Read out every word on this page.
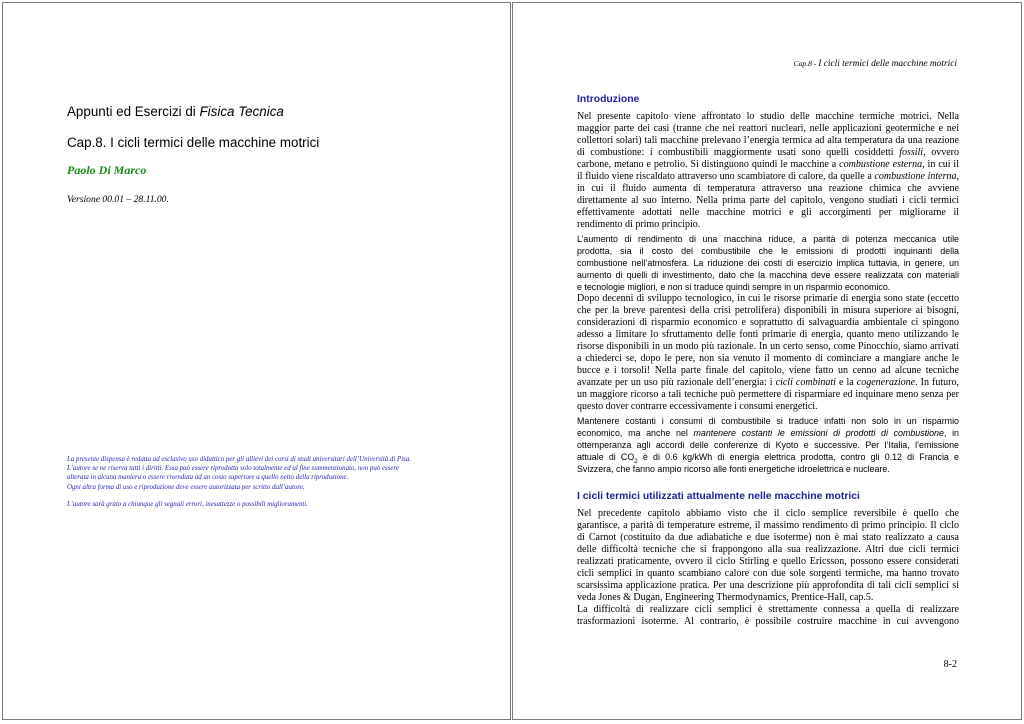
Appunti ed Esercizi di Fisica Tecnica
Cap.8. I cicli termici delle macchine motrici
Paolo Di Marco
Versione 00.01 – 28.11.00.
La presente dispensa è redatta ad esclusivo uso didattico per gli allievi dei corsi di studi universitari dell’Università di Pisa.
L’autore se ne riserva tutti i diritti. Essa può essere riprodotta solo totalmente ed al fine summenzionato, non può essere
alterata in alcuna maniera o essere rivenduta ad un costo superiore a quello netto della riproduzione.
Ogni altra forma di uso e riproduzione deve essere autorizzata per scritto dall’autore.
L’autore sarà grato a chiunque gli segnali errori, inesattezze o possibili miglioramenti.
Cap.8 - I cicli termici delle macchine motrici
Introduzione
Nel presente capitolo viene affrontato lo studio delle macchine termiche motrici. Nella
maggior parte dei casi (tranne che nei reattori nucleari, nelle applicazioni geotermiche e nei
collettori solari) tali macchine prelevano l’energia termica ad alta temperatura da una reazione
di combustione: i combustibili maggiormente usati sono quelli cosiddetti fossili, ovvero
carbone, metano e petrolio. Si distinguono quindi le macchine a combustione esterna, in cui il
il fluido viene riscaldato attraverso uno scambiatore di calore, da quelle a combustione interna,
in cui il fluido aumenta di temperatura attraverso una reazione chimica che avviene
direttamente al suo interno. Nella prima parte del capitolo, vengono studiati i cicli termici
effettivamente adottati nelle macchine motrici e gli accorgimenti per migliorarne il
rendimento di primo principio.
L’aumento di rendimento di una macchina riduce, a parità di potenza meccanica utile
prodotta, sia il costo del combustibile che le emissioni di prodotti inquinanti della
combustione nell’atmosfera. La riduzione dei costi di esercizio implica tuttavia, in genere, un
aumento di quelli di investimento, dato che la macchina deve essere realizzata con materiali
e tecnologie migliori, e non si traduce quindi sempre in un risparmio economico.
Dopo decenni di sviluppo tecnologico, in cui le risorse primarie di energia sono state (eccetto
che per la breve parentesi della crisi petrolifera) disponibili in misura superiore ai bisogni,
considerazioni di risparmio economico e soprattutto di salvaguardia ambientale ci spingono
adesso a limitare lo sfruttamento delle fonti primarie di energia, quanto meno utilizzando le
risorse disponibili in un modo più razionale. In un certo senso, come Pinocchio, siamo arrivati
a chiederci se, dopo le pere, non sia venuto il momento di cominciare a mangiare anche le
bucce e i torsoli! Nella parte finale del capitolo, viene fatto un cenno ad alcune tecniche
avanzate per un uso più razionale dell’energia: i cicli combinati e la cogenerazione. In futuro,
un maggiore ricorso a tali tecniche può permettere di risparmiare ed inquinare meno senza per
questo dover contrarre eccessivamente i consumi energetici.
Mantenere costanti i consumi di combustibile si traduce infatti non solo in un risparmio
economico, ma anche nel mantenere costanti le emissioni di prodotti di combustione, in
ottemperanza agli accordi delle conferenze di Kyoto e successive. Per l’Italia, l’emissione
attuale di $CO_2$ è di 0.6 kg/kWh di energia elettrica prodotta, contro gli 0.12 di Francia e
Svizzera, che fanno ampio ricorso alle fonti energetiche idroelettrica e nucleare.
I cicli termici utilizzati attualmente nelle macchine motrici
Nel precedente capitolo abbiamo visto che il ciclo semplice reversibile è quello che
garantisce, a parità di temperature estreme, il massimo rendimento di primo principio. Il ciclo
di Carnot (costituito da due adiabatiche e due isoterme) non è mai stato realizzato a causa
delle difficoltà tecniche che si frappongono alla sua realizzazione. Altri due cicli termici
realizzati praticamente, ovvero il ciclo Stirling e quello Ericsson, possono essere considerati
cicli semplici in quanto scambiano calore con due sole sorgenti termiche, ma hanno trovato
scarsissima applicazione pratica. Per una descrizione più approfondita di tali cicli semplici si
veda Jones & Dugan, Engineering Thermodynamics, Prentice-Hall, cap.5.
La difficoltà di realizzare cicli semplici è strettamente connessa a quella di realizzare
trasformazioni isoterme. Al contrario, è possibile costruire macchine in cui avvengono
8-2
